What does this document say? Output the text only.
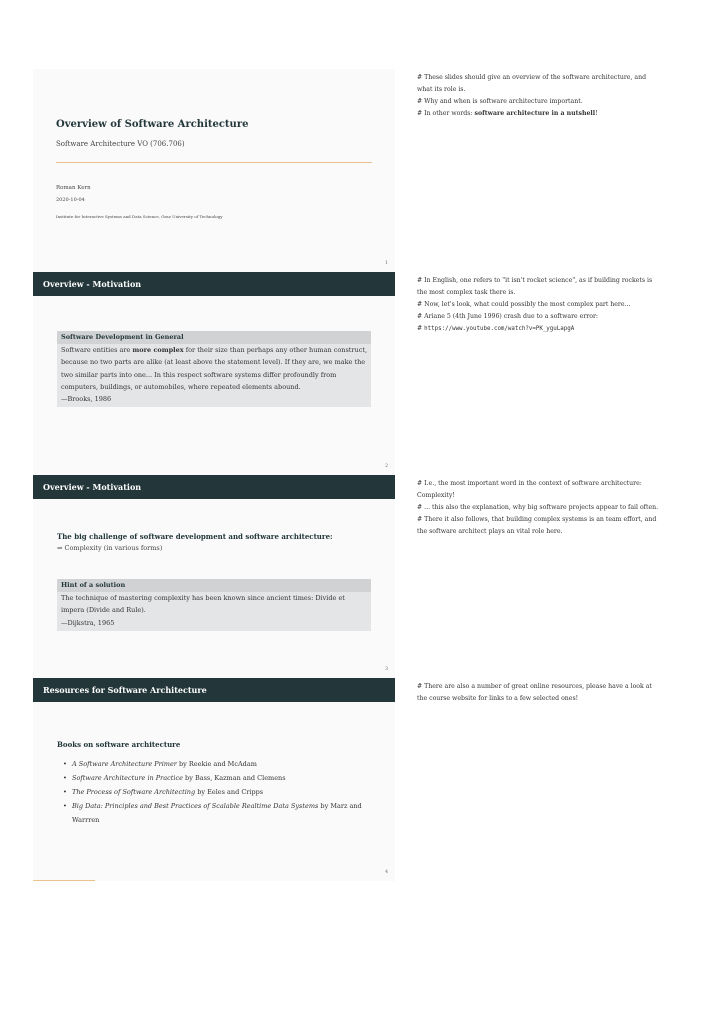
Overview of Software Architecture
Software Architecture VO (706.706)
Roman Kern
2020-10-04
Institute for Interactive Systems and Data Science, Graz University of Technology
1
Overview - Motivation
Software Development in General
Software entities are more complex for their size than perhaps any other human construct, because no two parts are alike (at least above the statement level). If they are, we make the two similar parts into one... In this respect software systems differ profoundly from computers, buildings, or automobiles, where repeated elements abound.
—Brooks, 1986
2
Overview - Motivation
The big challenge of software development and software architecture:
⇒ Complexity (in various forms)
Hint of a solution
The technique of mastering complexity has been known since ancient times: Divide et impera (Divide and Rule).
—Dijkstra, 1965
3
Resources for Software Architecture
Books on software architecture
• A Software Architecture Primer by Reekie and McAdam
• Software Architecture in Practice by Bass, Kazman and Clemens
• The Process of Software Architecting by Eeles and Cripps
• Big Data: Principles and Best Practices of Scalable Realtime Data Systems by Marz and Warrren
4

# These slides should give an overview of the software architecture, and what its role is.

# Why and when is software architecture important.

# In other words: software architecture in a nutshell!

# In English, one refers to "it isn't rocket science", as if building rockets is the most complex task there is.

# Now, let's look, what could possibly the most complex part here...

# Ariane 5 (4th June 1996) crash due to a software error:

# https://www.youtube.com/watch?v=PK_yguLapgA

# I.e., the most important word in the context of software architecture: Complexity!

# ... this also the explanation, why big software projects appear to fail often.

# There it also follows, that building complex systems is an team effort, and the software architect plays an vital role here.

# There are also a number of great online resources, please have a look at the course website for links to a few selected ones!
